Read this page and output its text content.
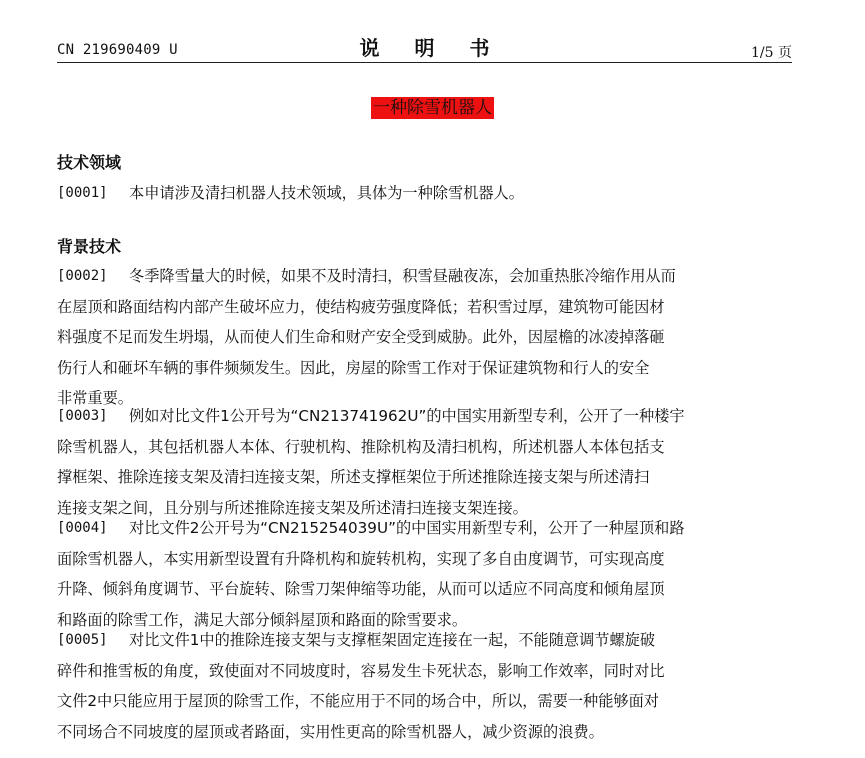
CN 219690409 U	说 明 书	1/5 页
一种除雪机器人
技术领域
[0001]	本申请涉及清扫机器人技术领域，具体为一种除雪机器人。
背景技术
[0002]	冬季降雪量大的时候，如果不及时清扫，积雪昼融夜冻，会加重热胀冷缩作用从而
在屋顶和路面结构内部产生破坏应力，使结构疲劳强度降低；若积雪过厚，建筑物可能因材
料强度不足而发生坍塌，从而使人们生命和财产安全受到威胁。此外，因屋檐的冰凌掉落砸
伤行人和砸坏车辆的事件频频发生。因此，房屋的除雪工作对于保证建筑物和行人的安全
非常重要。
[0003]	例如对比文件1公开号为“CN213741962U”的中国实用新型专利，公开了一种楼宇
除雪机器人，其包括机器人本体、行驶机构、推除机构及清扫机构，所述机器人本体包括支
撑框架、推除连接支架及清扫连接支架，所述支撑框架位于所述推除连接支架与所述清扫
连接支架之间，且分别与所述推除连接支架及所述清扫连接支架连接。
[0004]	对比文件2公开号为“CN215254039U”的中国实用新型专利，公开了一种屋顶和路
面除雪机器人，本实用新型设置有升降机构和旋转机构，实现了多自由度调节，可实现高度
升降、倾斜角度调节、平台旋转、除雪刀架伸缩等功能，从而可以适应不同高度和倾角屋顶
和路面的除雪工作，满足大部分倾斜屋顶和路面的除雪要求。
[0005]	对比文件1中的推除连接支架与支撑框架固定连接在一起，不能随意调节螺旋破
碎件和推雪板的角度，致使面对不同坡度时，容易发生卡死状态，影响工作效率，同时对比
文件2中只能应用于屋顶的除雪工作，不能应用于不同的场合中，所以，需要一种能够面对
不同场合不同坡度的屋顶或者路面，实用性更高的除雪机器人，减少资源的浪费。
